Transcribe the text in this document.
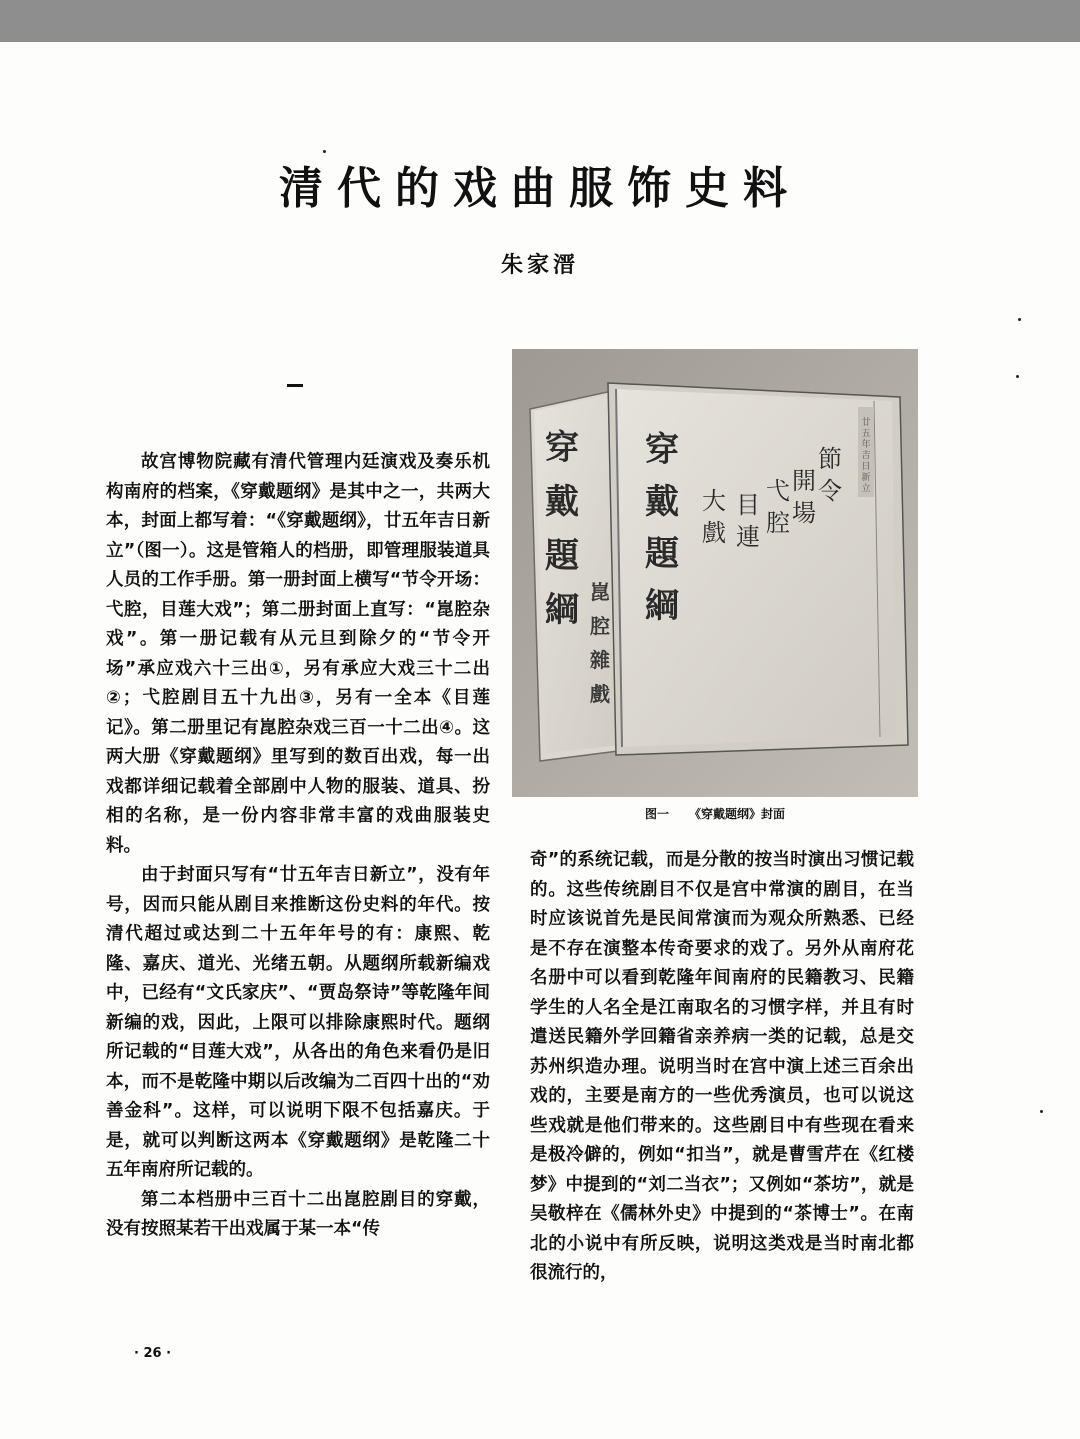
清代的戏曲服饰史料
朱家溍

故宫博物院藏有清代管理内廷演戏及奏乐机构南府的档案，《穿戴题纲》是其中之一，共两大本，封面上都写着：“《穿戴题纲》，廿五年吉日新立”（图一）。这是管箱人的档册，即管理服装道具人员的工作手册。第一册封面上横写“节令开场：弋腔，目莲大戏”；第二册封面上直写：“崑腔杂戏”。第一册记载有从元旦到除夕的“节令开场”承应戏六十三出①，另有承应大戏三十二出②；弋腔剧目五十九出③，另有一全本《目莲记》。第二册里记有崑腔杂戏三百一十二出④。这两大册《穿戴题纲》里写到的数百出戏，每一出戏都详细记载着全部剧中人物的服装、道具、扮相的名称，是一份内容非常丰富的戏曲服装史料。

由于封面只写有“廿五年吉日新立”，没有年号，因而只能从剧目来推断这份史料的年代。按清代超过或达到二十五年年号的有：康熙、乾隆、嘉庆、道光、光绪五朝。从题纲所载新编戏中，已经有“文氏家庆”、“贾岛祭诗”等乾隆年间新编的戏，因此，上限可以排除康熙时代。题纲所记载的“目莲大戏”，从各出的角色来看仍是旧本，而不是乾隆中期以后改编为二百四十出的“劝善金科”。这样，可以说明下限不包括嘉庆。于是，就可以判断这两本《穿戴题纲》是乾隆二十五年南府所记载的。

第二本档册中三百十二出崑腔剧目的穿戴，没有按照某若干出戏属于某一本“传

穿
戴
題
綱 崑
腔
雜
戲
穿
戴
題
綱
節
令
開
場
弋
腔
目
連
大
戲
廿
五
年
吉
日
新
立
图一 《穿戴题纲》封面

奇”的系统记载，而是分散的按当时演出习惯记载的。这些传统剧目不仅是宫中常演的剧目，在当时应该说首先是民间常演而为观众所熟悉、已经是不存在演整本传奇要求的戏了。另外从南府花名册中可以看到乾隆年间南府的民籍教习、民籍学生的人名全是江南取名的习惯字样，并且有时遣送民籍外学回籍省亲养病一类的记载，总是交苏州织造办理。说明当时在宫中演上述三百余出戏的，主要是南方的一些优秀演员，也可以说这些戏就是他们带来的。这些剧目中有些现在看来是极冷僻的，例如“扣当”，就是曹雪芹在《红楼梦》中提到的“刘二当衣”；又例如“茶坊”，就是吴敬梓在《儒林外史》中提到的“茶博士”。在南北的小说中有所反映，说明这类戏是当时南北都很流行的，

· 26 ·
